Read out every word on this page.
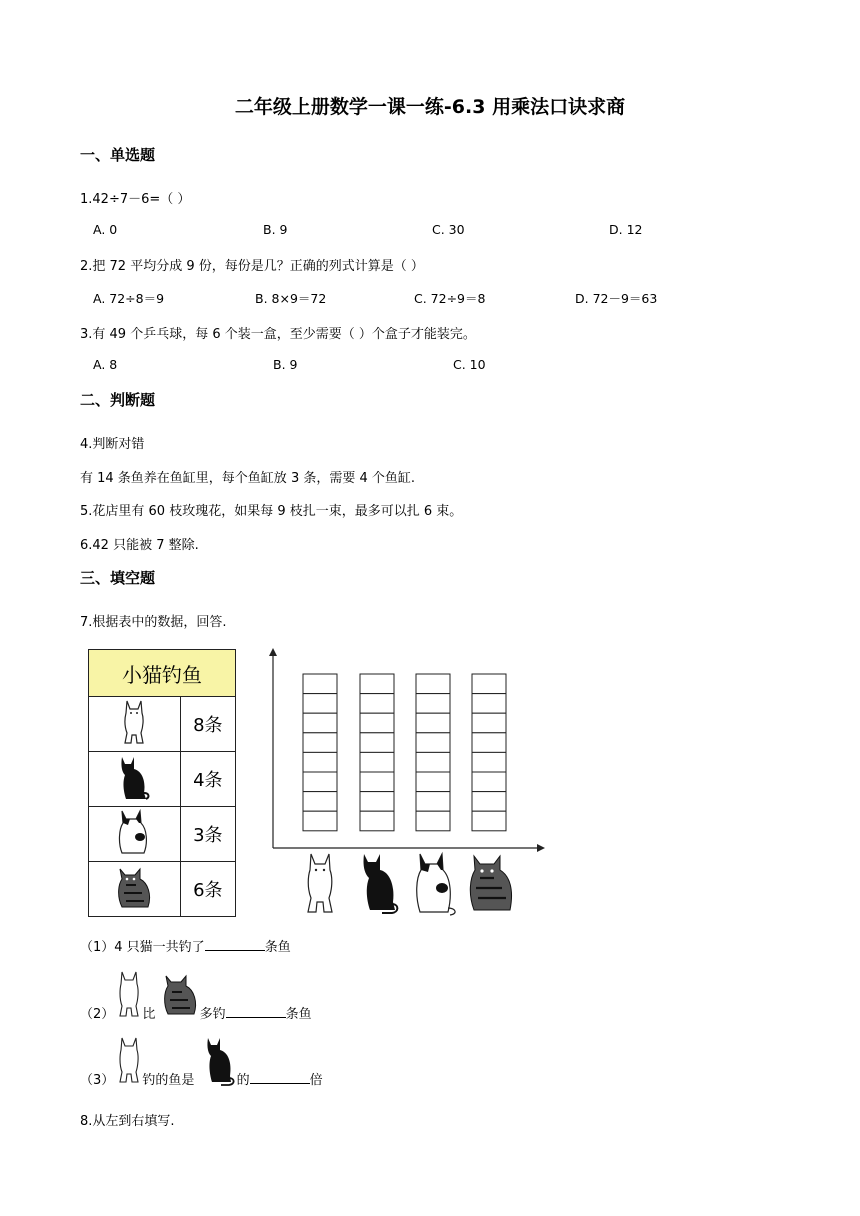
二年级上册数学一课一练-6.3 用乘法口诀求商
一、单选题
1.42÷7－6=（ ）
A. 0	B. 9	C. 30	D. 12
2.把 72 平均分成 9 份，每份是几？正确的列式计算是（ ）
A. 72÷8＝9	B. 8×9＝72	C. 72÷9＝8	D. 72－9＝63
3.有 49 个乒乓球，每 6 个装一盒，至少需要（ ）个盒子才能装完。
A. 8	B. 9	C. 10
二、判断题
4.判断对错
有 14 条鱼养在鱼缸里，每个鱼缸放 3 条，需要 4 个鱼缸.
5.花店里有 60 枝玫瑰花，如果每 9 枝扎一束，最多可以扎 6 束。
6.42 只能被 7 整除.
三、填空题
7.根据表中的数据，回答.
小猫钓鱼	
	8条
	4条
	3条
	6条
（1）4 只猫一共钓了	条鱼
（2） 比	多钓	条鱼
（3） 钓的鱼是	的	倍
8.从左到右填写.
